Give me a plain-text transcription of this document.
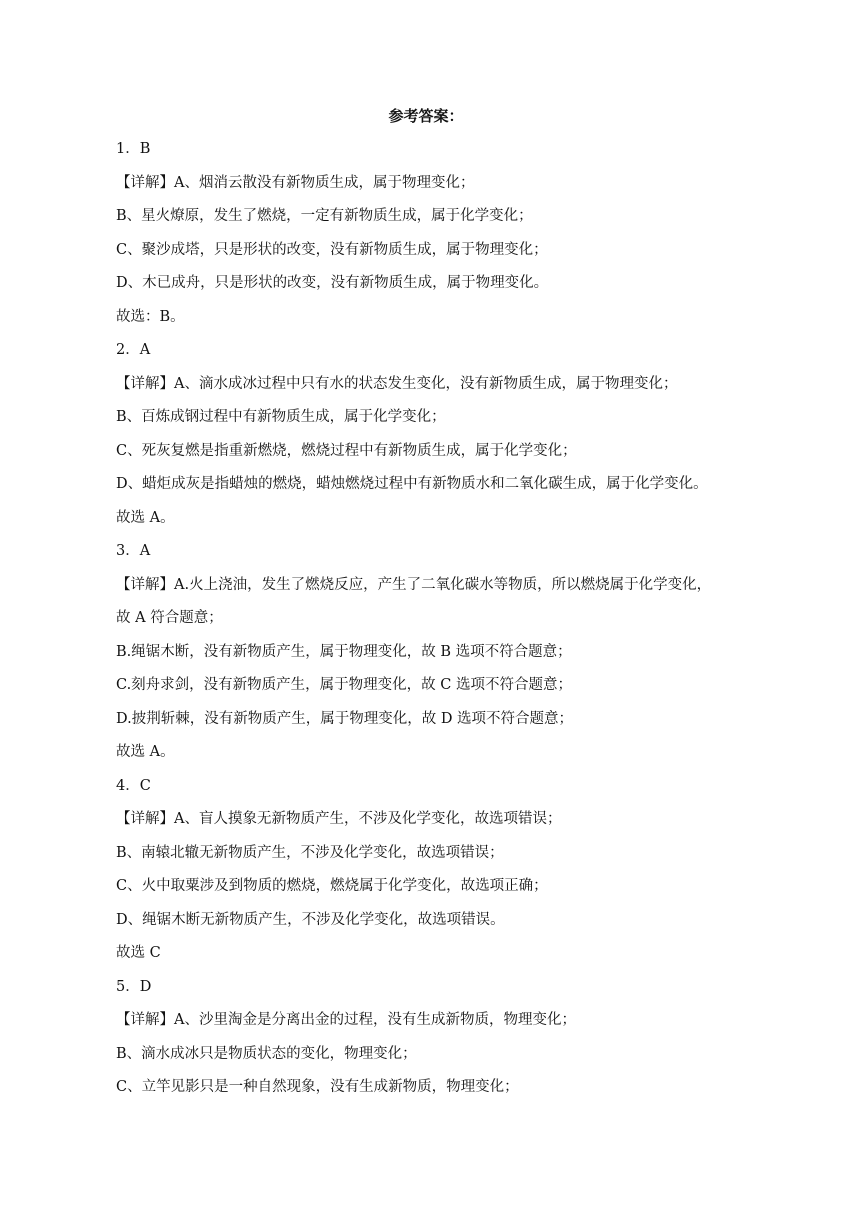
参考答案：
1．B
【详解】A、烟消云散没有新物质生成，属于物理变化；
B、星火燎原，发生了燃烧，一定有新物质生成，属于化学变化；
C、聚沙成塔，只是形状的改变，没有新物质生成，属于物理变化；
D、木已成舟，只是形状的改变，没有新物质生成，属于物理变化。
故选：B。
2．A
【详解】A、滴水成冰过程中只有水的状态发生变化，没有新物质生成，属于物理变化；
B、百炼成钢过程中有新物质生成，属于化学变化；
C、死灰复燃是指重新燃烧，燃烧过程中有新物质生成，属于化学变化；
D、蜡炬成灰是指蜡烛的燃烧，蜡烛燃烧过程中有新物质水和二氧化碳生成，属于化学变化。
故选 A。
3．A
【详解】A.火上浇油，发生了燃烧反应，产生了二氧化碳水等物质，所以燃烧属于化学变化，
故 A 符合题意；
B.绳锯木断，没有新物质产生，属于物理变化，故 B 选项不符合题意；
C.刻舟求剑，没有新物质产生，属于物理变化，故 C 选项不符合题意；
D.披荆斩棘，没有新物质产生，属于物理变化，故 D 选项不符合题意；
故选 A。
4．C
【详解】A、盲人摸象无新物质产生，不涉及化学变化，故选项错误；
B、南辕北辙无新物质产生，不涉及化学变化，故选项错误；
C、火中取粟涉及到物质的燃烧，燃烧属于化学变化，故选项正确；
D、绳锯木断无新物质产生，不涉及化学变化，故选项错误。
故选 C
5．D
【详解】A、沙里淘金是分离出金的过程，没有生成新物质，物理变化；
B、滴水成冰只是物质状态的变化，物理变化；
C、立竿见影只是一种自然现象，没有生成新物质，物理变化；
